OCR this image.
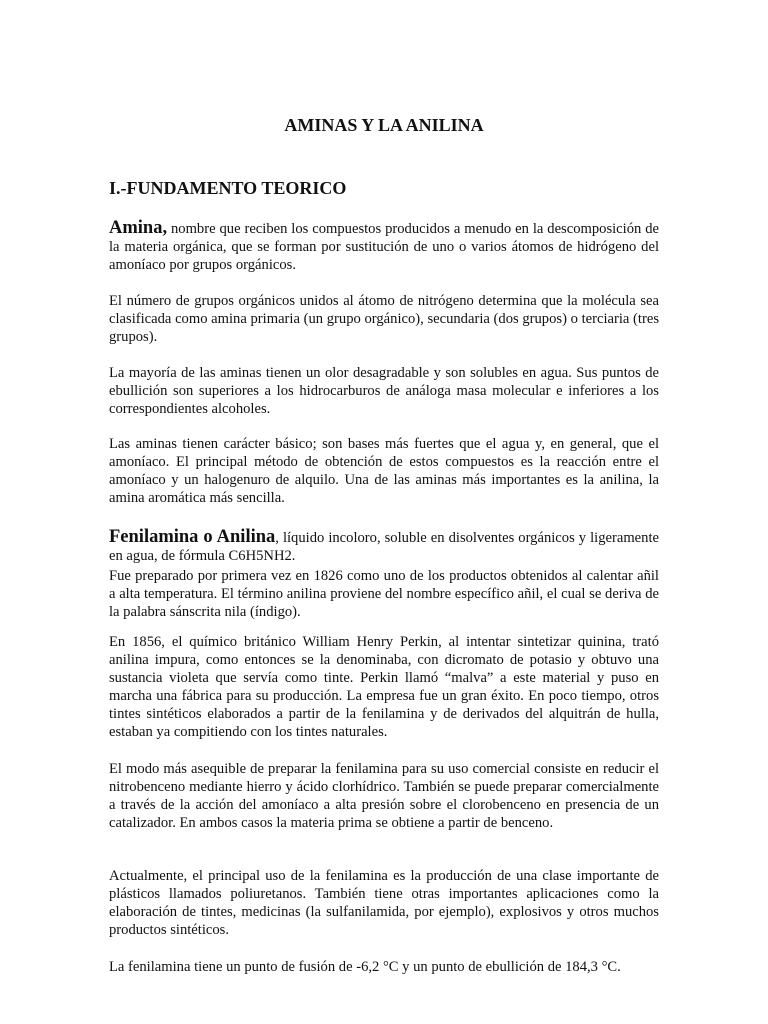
AMINAS Y LA ANILINA
I.-FUNDAMENTO TEORICO

Amina, nombre que reciben los compuestos producidos a menudo en la descomposición de la materia orgánica, que se forman por sustitución de uno o varios átomos de hidrógeno del amoníaco por grupos orgánicos.

El número de grupos orgánicos unidos al átomo de nitrógeno determina que la molécula sea clasificada como amina primaria (un grupo orgánico), secundaria (dos grupos) o terciaria (tres grupos).

La mayoría de las aminas tienen un olor desagradable y son solubles en agua. Sus puntos de ebullición son superiores a los hidrocarburos de análoga masa molecular e inferiores a los correspondientes alcoholes.

Las aminas tienen carácter básico; son bases más fuertes que el agua y, en general, que el amoníaco. El principal método de obtención de estos compuestos es la reacción entre el amoníaco y un halogenuro de alquilo. Una de las aminas más importantes es la anilina, la amina aromática más sencilla.

Fenilamina o Anilina, líquido incoloro, soluble en disolventes orgánicos y ligeramente en agua, de fórmula C6H5NH2.

Fue preparado por primera vez en 1826 como uno de los productos obtenidos al calentar añil a alta temperatura. El término anilina proviene del nombre específico añil, el cual se deriva de la palabra sánscrita nila (índigo).

En 1856, el químico británico William Henry Perkin, al intentar sintetizar quinina, trató anilina impura, como entonces se la denominaba, con dicromato de potasio y obtuvo una sustancia violeta que servía como tinte. Perkin llamó “malva” a este material y puso en marcha una fábrica para su producción. La empresa fue un gran éxito. En poco tiempo, otros tintes sintéticos elaborados a partir de la fenilamina y de derivados del alquitrán de hulla, estaban ya compitiendo con los tintes naturales.

El modo más asequible de preparar la fenilamina para su uso comercial consiste en reducir el nitrobenceno mediante hierro y ácido clorhídrico. También se puede preparar comercialmente a través de la acción del amoníaco a alta presión sobre el clorobenceno en presencia de un catalizador. En ambos casos la materia prima se obtiene a partir de benceno.

Actualmente, el principal uso de la fenilamina es la producción de una clase importante de plásticos llamados poliuretanos. También tiene otras importantes aplicaciones como la elaboración de tintes, medicinas (la sulfanilamida, por ejemplo), explosivos y otros muchos productos sintéticos.

La fenilamina tiene un punto de fusión de -6,2 °C y un punto de ebullición de 184,3 °C.
